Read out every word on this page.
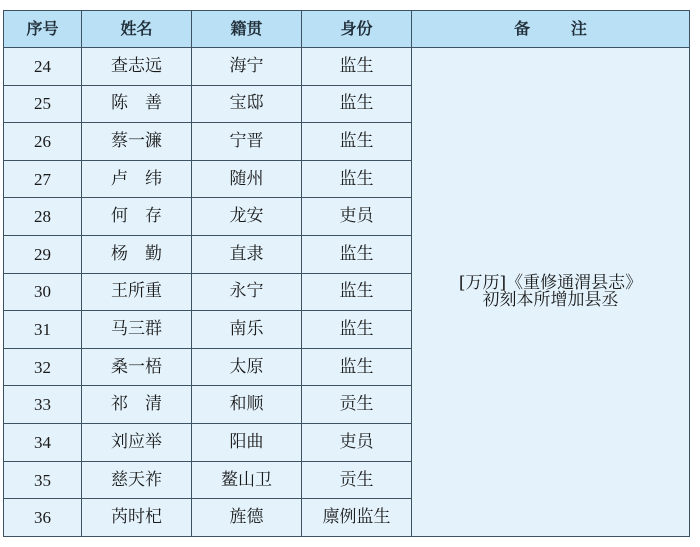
序号	姓名	籍贯	身份	备 注
24	查志远	海宁	监生	[万历]《重修通渭县志》
初刻本所增加县丞

25	陈　善	宝邸	监生	
26	蔡一濂	宁晋	监生	
27	卢　纬	随州	监生	
28	何　存	龙安	吏员	
29	杨　勤	直隶	监生	
30	王所重	永宁	监生	
31	马三群	南乐	监生	
32	桑一梧	太原	监生	
33	祁　清	和顺	贡生	
34	刘应举	阳曲	吏员	
35	慈天祚	鳌山卫	贡生	
36	芮时杞	旌德	廪例监生	
